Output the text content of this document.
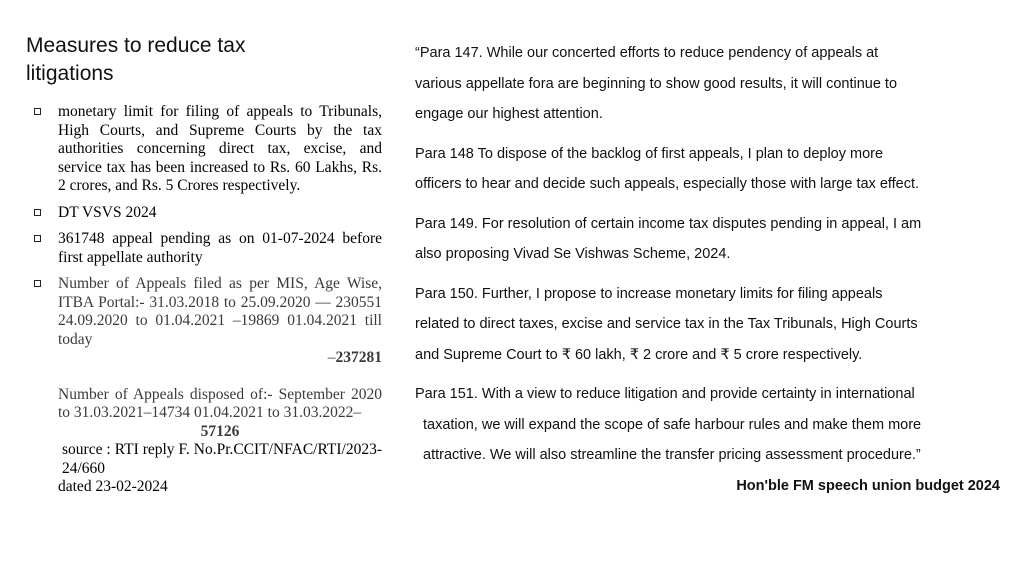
Measures to reduce tax litigations
monetary limit for filing of appeals to Tribunals, High Courts, and Supreme Courts by the tax authorities concerning direct tax, excise, and service tax has been increased to Rs. 60 Lakhs, Rs. 2 crores, and Rs. 5 Crores respectively.
DT VSVS 2024
361748 appeal pending as on 01-07-2024 before first appellate authority
Number of Appeals filed as per MIS, Age Wise, ITBA Portal:- 31.03.2018 to 25.09.2020 — 230551 24.09.2020 to 01.04.2021 –19869 01.04.2021 till today
–237281
Number of Appeals disposed of:- September 2020 to 31.03.2021–14734 01.04.2021 to 31.03.2022–
57126
source : RTI reply F. No.Pr.CCIT/NFAC/RTI/2023-24/660
dated 23-02-2024

“Para 147. While our concerted efforts to reduce pendency of appeals at

various appellate fora are beginning to show good results, it will continue to

engage our highest attention.

Para 148 To dispose of the backlog of first appeals, I plan to deploy more

officers to hear and decide such appeals, especially those with large tax effect.

Para 149. For resolution of certain income tax disputes pending in appeal, I am

also proposing Vivad Se Vishwas Scheme, 2024.

Para 150. Further, I propose to increase monetary limits for filing appeals

related to direct taxes, excise and service tax in the Tax Tribunals, High Courts

and Supreme Court to ₹ 60 lakh, ₹ 2 crore and ₹ 5 crore respectively.

Para 151. With a view to reduce litigation and provide certainty in international

taxation, we will expand the scope of safe harbour rules and make them more

attractive. We will also streamline the transfer pricing assessment procedure.”

Hon'ble FM speech union budget 2024
